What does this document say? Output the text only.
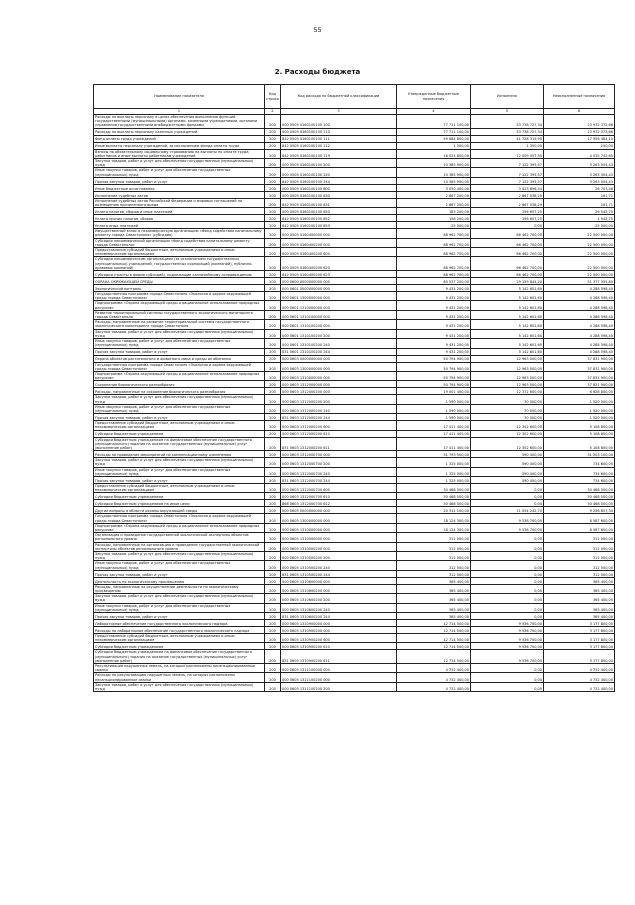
55
2. Расходы бюджета
Наименование показателя	Код строки	Код расхода по бюджетной классификации	Утвержденные бюджетные назначения	Исполнено	Неисполненные назначения
1	2	3	4	5	6
Расходы на выплаты персоналу в целях обеспечения выполнения функций государственными (муниципальными) органами, казенными учреждениями, органами управления государственными внебюджетными фондами	200	000 0505 0160100100 100	77 711 100,00	53 738 727,34	23 972 372,66
Расходы на выплаты персоналу казенных учреждений	200	000 0505 0160100100 110	77 711 100,00	53 738 727,34	23 972 372,66
Фонд оплаты труда учреждений	200	842 0505 0160100100 111	59 684 800,00	41 728 315,90	17 956 484,10
Иные выплаты персоналу учреждений, за исключением фонда оплаты труда	200	842 0505 0160100100 112	1 500,00	1 350,00	150,00
Взносы по обязательному социальному страхованию на выплаты по оплате труда работников и иные выплаты работникам учреждений	200	842 0505 0160100100 119	16 024 800,00	12 009 057,35	4 015 742,65
Закупка товаров, работ и услуг для обеспечения государственных (муниципальных) нужд	200	000 0505 0160100100 200	10 385 900,00	7 122 395,57	3 263 504,43
Иные закупки товаров, работ и услуг для обеспечения государственных (муниципальных) нужд	200	000 0505 0160100100 240	10 385 900,00	7 122 395,57	3 263 504,43
Прочая закупка товаров, работ и услуг	200	842 0505 0160100100 244	10 385 900,00	7 122 395,57	3 263 504,43
Иные бюджетные ассигнования	200	000 0505 0160100100 800	3 050 400,00	3 023 696,54	26 703,46
Исполнение судебных актов	200	000 0505 0160100100 830	2 867 200,00	2 867 038,29	161,71
Исполнение судебных актов Российской Федерации и мировых соглашений по возмещению причиненного вреда	200	842 0505 0160100100 831	2 867 200,00	2 867 038,29	161,71
Уплата налогов, сборов и иных платежей	200	000 0505 0160100100 850	183 200,00	156 657,25	26 542,75
Уплата прочих налогов, сборов	200	842 0505 0160100100 852	158 200,00	156 657,25	1 542,75
Уплата иных платежей	200	842 0505 0160100100 853	25 000,00	0,00	25 000,00
Имущественный взнос в некоммерческую организацию «Фонд содействия капитальному ремонту города Севастополя» (субсидия)	200	000 0505 0160400000 000	88 962 700,00	66 462 700,00	22 500 000,00
Субсидия некоммерческой организации «Фонд содействия капитальному ремонту города Севастополя»	200	000 0505 0160400200 000	88 962 700,00	66 462 700,00	22 500 000,00
Предоставление субсидий бюджетным, автономным учреждениям и иным некоммерческим организациям	200	000 0505 0160400200 600	88 962 700,00	66 462 700,00	22 500 000,00
Субсидии некоммерческим организациям (за исключением государственных (муниципальных) учреждений, государственных корпораций (компаний), публично-правовых компаний)	200	000 0505 0160400200 620	88 962 700,00	66 462 700,00	22 500 000,00
Субсидии (гранты в форме субсидий), подлежащие казначейскому сопровождению	200	842 0505 0160400200 623	88 962 700,00	66 462 700,00	22 500 000,00
ОХРАНА ОКРУЖАЮЩЕЙ СРЕДЫ	200	000 0600 0000000000 000	80 537 200,00	29 159 844,20	51 377 355,80
Экологический контроль	200	000 0601 0000000000 000	9 431 200,00	5 142 601,60	4 288 598,40
Государственная программа города Севастополя «Экология и охрана окружающей среды города Севастополя»	200	000 0601 1300000000 000	9 431 200,00	5 142 601,60	4 288 598,40
Подпрограмма «Охрана окружающей среды и рациональное использование природных ресурсов»	200	000 0601 1310000000 000	9 431 200,00	5 142 601,60	4 288 598,40
Развитие территориальной системы государственного экологического мониторинга города Севастополя	200	000 0601 1310100000 000	9 431 200,00	5 142 601,60	4 288 598,40
Расходы, направленные на развитие территориальной системы государственного экологического мониторинга города Севастополя	200	000 0601 1310100200 000	9 431 200,00	5 142 601,60	4 288 598,40
Закупка товаров, работ и услуг для обеспечения государственных (муниципальных) нужд	200	000 0601 1310100200 200	9 431 200,00	5 142 601,60	4 288 598,40
Иные закупки товаров, работ и услуг для обеспечения государственных (муниципальных) нужд	200	000 0601 1310100200 240	9 431 200,00	5 142 601,60	4 288 598,40
Прочая закупка товаров, работ и услуг	200	831 0601 1310100200 244	9 431 200,00	5 142 601,60	4 288 598,40
Охрана объектов растительного и животного мира и среды их обитания	200	000 0603 0000000000 000	50 794 900,00	12 963 000,00	37 831 900,00
Государственная программа города Севастополя «Экология и охрана окружающей среды города Севастополя»	200	000 0603 1300000000 000	50 794 900,00	12 963 000,00	37 831 900,00
Подпрограмма «Охрана окружающей среды и рациональное использование природных ресурсов»	200	000 0603 1310000000 000	50 794 900,00	12 963 000,00	37 831 900,00
Сохранение биологического разнообразия	200	000 0603 1312000000 000	50 794 900,00	12 963 000,00	37 831 900,00
Расходы, направленные на сохранение биологического разнообразия	200	000 0603 1312000200 000	19 001 400,00	12 372 600,00	6 628 800,00
Закупка товаров, работ и услуг для обеспечения государственных (муниципальных) нужд	200	000 0603 1312000200 200	1 590 000,00	70 000,00	1 520 000,00
Иные закупки товаров, работ и услуг для обеспечения государственных (муниципальных) нужд	200	000 0603 1312000200 240	1 590 000,00	70 000,00	1 520 000,00
Прочая закупка товаров, работ и услуг	200	831 0603 1312000200 244	1 590 000,00	70 000,00	1 520 000,00
Предоставление субсидий бюджетным, автономным учреждениям и иным некоммерческим организациям	200	000 0603 1312000200 600	17 411 400,00	12 302 600,00	5 108 800,00
Субсидии бюджетным учреждениям	200	000 0603 1312000200 610	17 411 400,00	12 302 600,00	5 108 800,00
Субсидии бюджетным учреждениям на финансовое обеспечение государственного (муниципального) задания на оказание государственных (муниципальных) услуг (выполнение работ)	200	831 0603 1312000200 611	17 411 400,00	12 302 600,00	5 108 800,00
Расходы на проведение мероприятий по компенсационному озеленению	200	000 0603 1312000700 000	31 793 500,00	590 400,00	31 203 100,00
Закупка товаров, работ и услуг для обеспечения государственных (муниципальных) нужд	200	000 0603 1312000700 200	1 325 000,00	590 400,00	734 600,00
Иные закупки товаров, работ и услуг для обеспечения государственных (муниципальных) нужд	200	000 0603 1312000700 240	1 325 000,00	590 400,00	734 600,00
Прочая закупка товаров, работ и услуг	200	831 0603 1312000700 244	1 325 000,00	590 400,00	734 600,00
Предоставление субсидий бюджетным, автономным учреждениям и иным некоммерческим организациям	200	000 0603 1312000700 600	30 468 500,00	0,00	30 468 500,00
Субсидии бюджетным учреждениям	200	000 0603 1312000700 610	30 468 500,00	0,00	30 468 500,00
Субсидии бюджетным учреждениям на иные цели	200	868 0603 1312000700 612	30 468 500,00	0,00	30 468 500,00
Другие вопросы в области охраны окружающей среды	200	000 0605 0000000000 000	20 311 100,00	11 054 242,70	9 256 857,30
Государственная программа города Севастополя «Экология и охрана окружающей среды города Севастополя»	200	000 0605 1300000000 000	18 124 300,00	9 536 700,00	8 587 600,00
Подпрограмма «Охрана окружающей среды и рациональное использование природных ресурсов»	200	000 0605 1310000000 000	18 124 300,00	9 536 700,00	8 587 600,00
Организация и проведение государственной экологической экспертизы объектов регионального уровня	200	000 0605 1310500000 000	312 000,00	0,00	312 000,00
Расходы, направленные на организацию и проведение государственной экологической экспертизы объектов регионального уровня	200	000 0605 1310500200 000	312 000,00	0,00	312 000,00
Закупка товаров, работ и услуг для обеспечения государственных (муниципальных) нужд	200	000 0605 1310500200 200	312 000,00	0,00	312 000,00
Иные закупки товаров, работ и услуг для обеспечения государственных (муниципальных) нужд	200	000 0605 1310500200 240	312 000,00	0,00	312 000,00
Прочая закупка товаров, работ и услуг	200	831 0605 1310500200 244	312 000,00	0,00	312 000,00
Деятельность по экологическому просвещению	200	000 0605 1310600000 000	365 400,00	0,00	365 400,00
Расходы, направленные на осуществление деятельности по экологическому просвещению	200	000 0605 1310600200 000	365 400,00	0,00	365 400,00
Закупка товаров, работ и услуг для обеспечения государственных (муниципальных) нужд	200	000 0605 1310600200 200	365 400,00	0,00	365 400,00
Иные закупки товаров, работ и услуг для обеспечения государственных (муниципальных) нужд	200	000 0605 1310600200 240	365 400,00	0,00	365 400,00
Прочая закупка товаров, работ и услуг	200	831 0605 1310600200 244	365 400,00	0,00	365 400,00
Лабораторное обеспечение государственного экологического надзора	200	000 0605 1310900000 000	12 714 500,00	9 536 700,00	3 177 800,00
Расходы на лабораторное обеспечение государственного экологического надзора	200	000 0605 1310900200 000	12 714 500,00	9 536 700,00	3 177 800,00
Предоставление субсидий бюджетным, автономным учреждениям и иным некоммерческим организациям	200	000 0605 1310900200 600	12 714 500,00	9 536 700,00	3 177 800,00
Субсидии бюджетным учреждениям	200	000 0605 1310900200 610	12 714 500,00	9 536 700,00	3 177 800,00
Субсидии бюджетным учреждениям на финансовое обеспечение государственного (муниципального) задания на оказание государственных (муниципальных) услуг (выполнение работ)	200	831 0605 1310900200 611	12 714 500,00	9 536 700,00	3 177 800,00
Рекультивация нарушенных земель, на которых расположены несанкционированные свалки	200	000 0605 1311100000 000	4 732 400,00	0,00	4 732 400,00
Расходы на рекультивацию нарушенных земель, на которых расположены несанкционированные свалки	200	000 0605 1311100200 000	4 732 400,00	0,00	4 732 400,00
Закупка товаров, работ и услуг для обеспечения государственных (муниципальных) нужд	200	000 0605 1311100200 200	4 732 400,00	0,00	4 732 400,00
